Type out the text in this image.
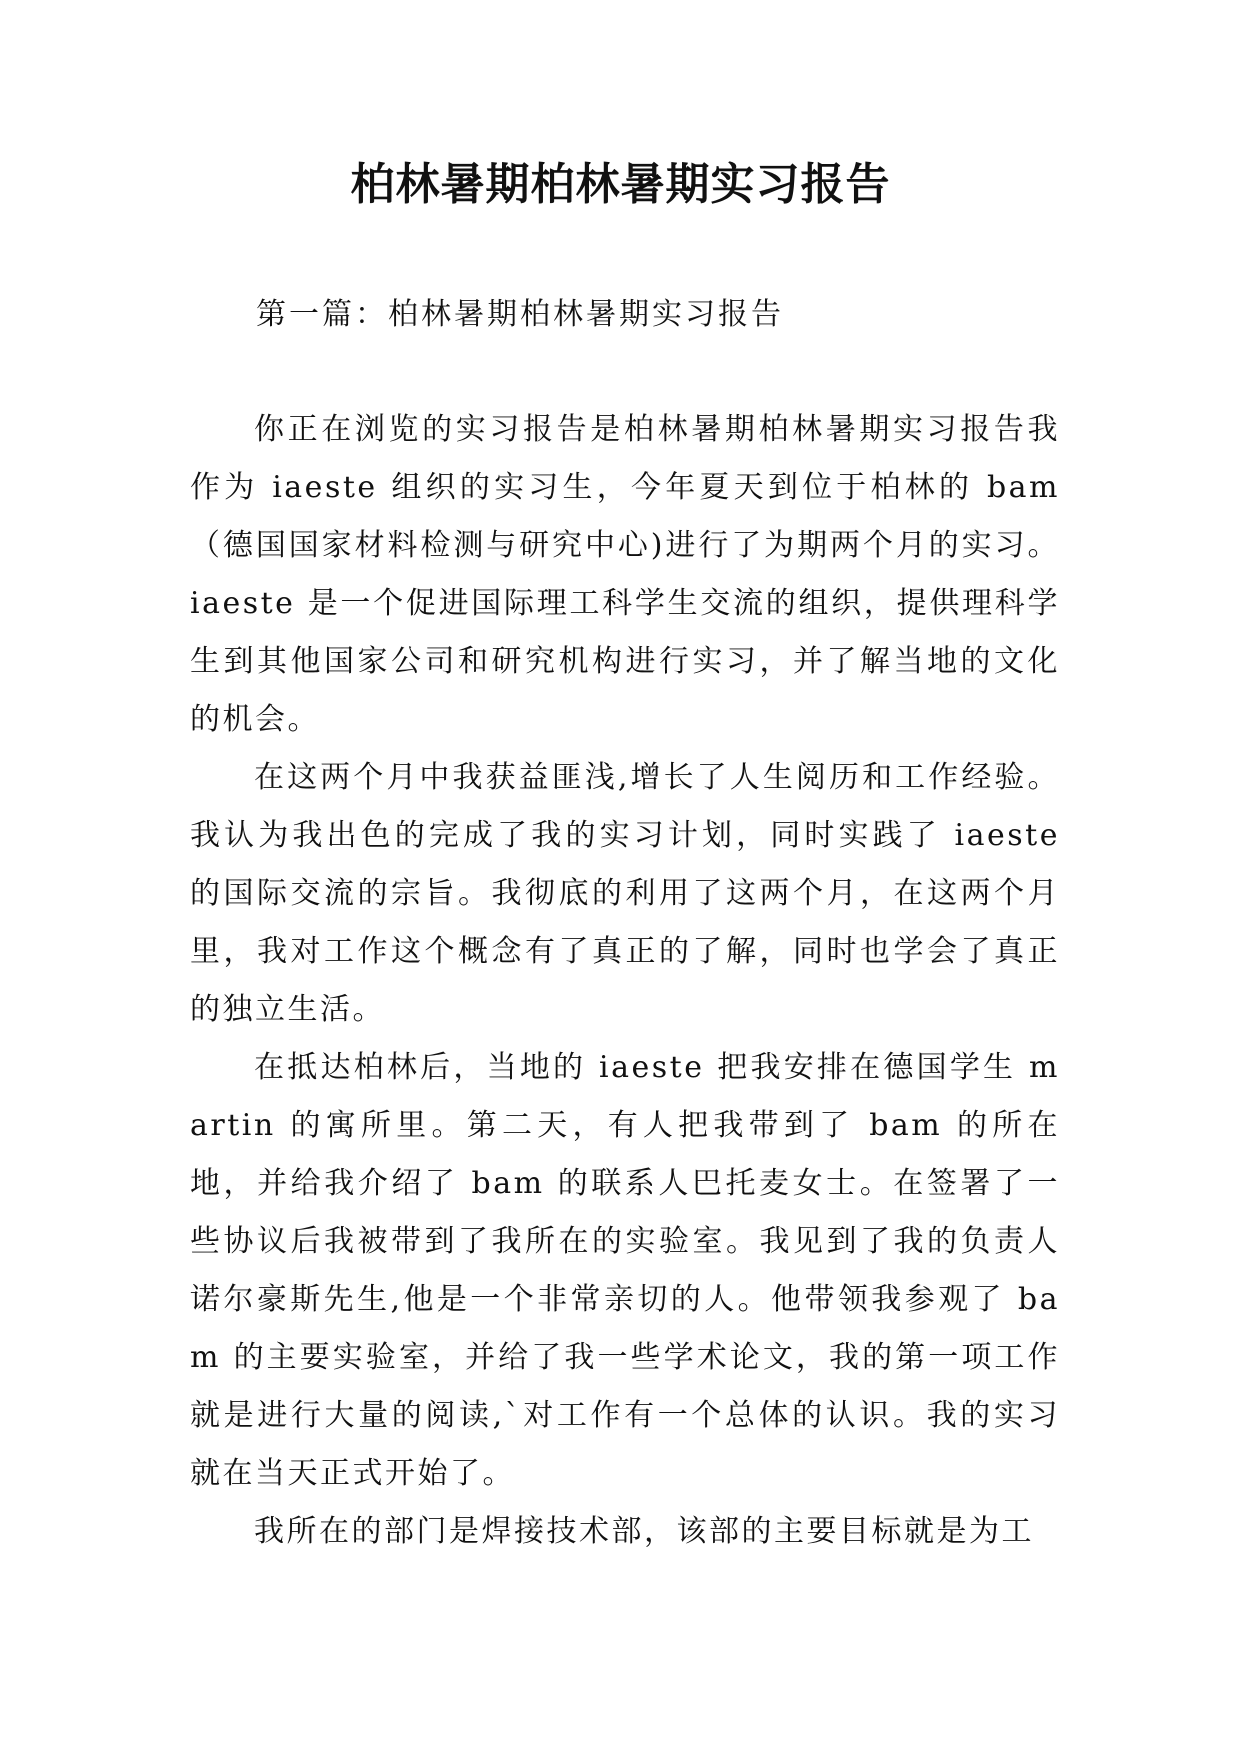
柏林暑期柏林暑期实习报告

第一篇：柏林暑期柏林暑期实习报告

你正在浏览的实习报告是柏林暑期柏林暑期实习报告我作为 iaeste 组织的实习生，今年夏天到位于柏林的 bam（德国国家材料检测与研究中心)进行了为期两个月的实习。iaeste 是一个促进国际理工科学生交流的组织，提供理科学生到其他国家公司和研究机构进行实习，并了解当地的文化的机会。

在这两个月中我获益匪浅,增长了人生阅历和工作经验。我认为我出色的完成了我的实习计划，同时实践了 iaeste 的国际交流的宗旨。我彻底的利用了这两个月，在这两个月里，我对工作这个概念有了真正的了解，同时也学会了真正的独立生活。

在抵达柏林后，当地的 iaeste 把我安排在德国学生 martin 的寓所里。第二天，有人把我带到了 bam 的所在地，并给我介绍了 bam 的联系人巴托麦女士。在签署了一些协议后我被带到了我所在的实验室。我见到了我的负责人诺尔豪斯先生,他是一个非常亲切的人。他带领我参观了 bam 的主要实验室，并给了我一些学术论文，我的第一项工作就是进行大量的阅读,`对工作有一个总体的认识。我的实习就在当天正式开始了。

我所在的部门是焊接技术部，该部的主要目标就是为工
